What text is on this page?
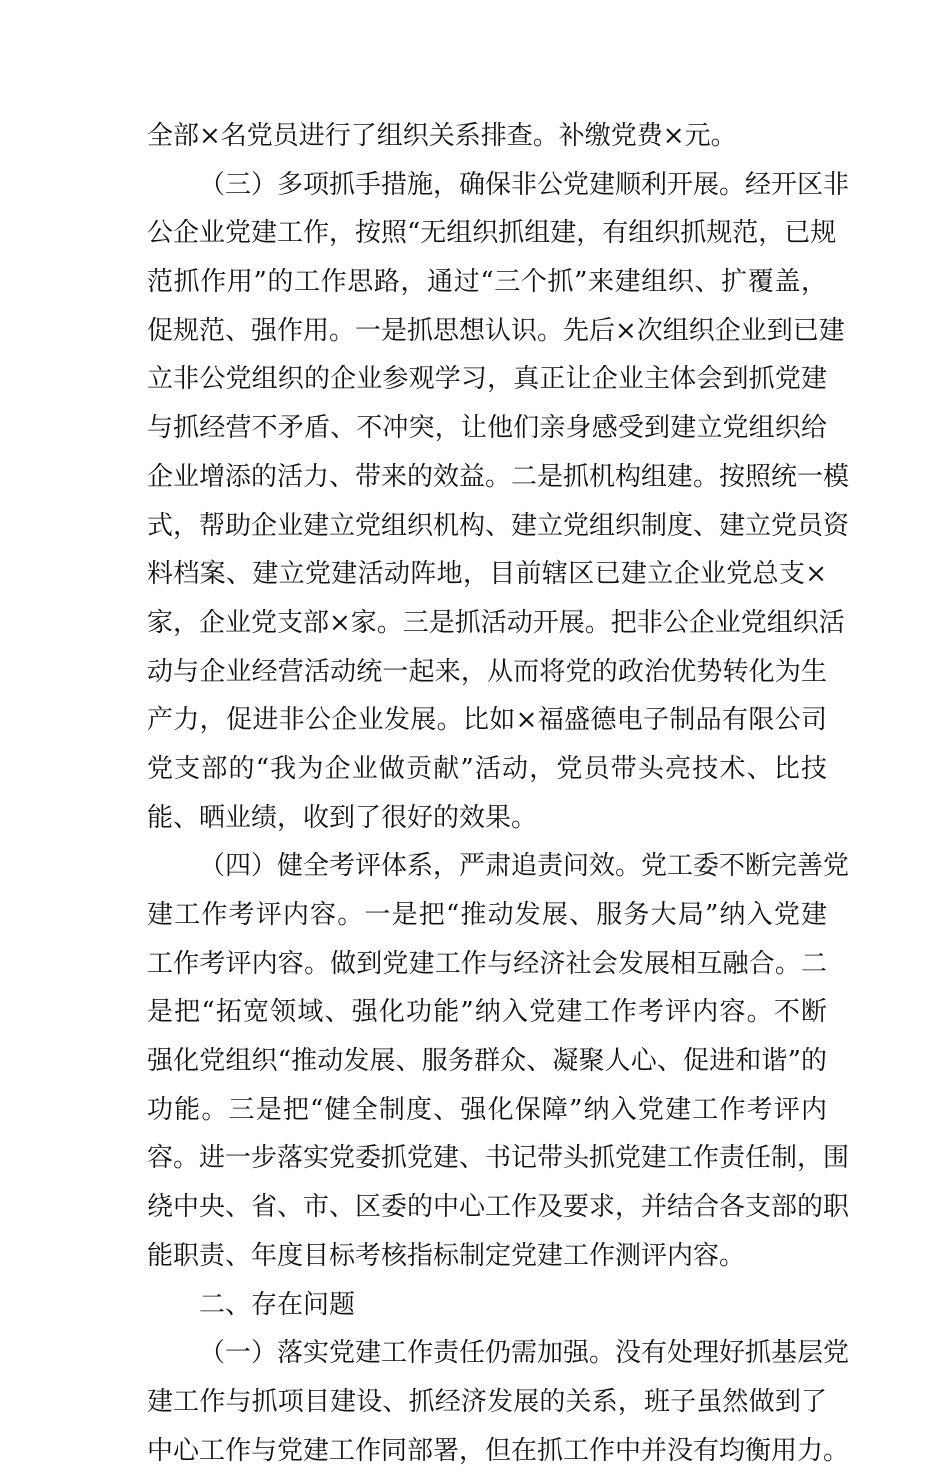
全部×名党员进行了组织关系排查。补缴党费×元。
（三）多项抓手措施，确保非公党建顺利开展。经开区非
公企业党建工作，按照“无组织抓组建，有组织抓规范，已规
范抓作用”的工作思路，通过“三个抓”来建组织、扩覆盖，
促规范、强作用。一是抓思想认识。先后×次组织企业到已建
立非公党组织的企业参观学习，真正让企业主体会到抓党建
与抓经营不矛盾、不冲突，让他们亲身感受到建立党组织给
企业增添的活力、带来的效益。二是抓机构组建。按照统一模
式，帮助企业建立党组织机构、建立党组织制度、建立党员资
料档案、建立党建活动阵地，目前辖区已建立企业党总支×
家，企业党支部×家。三是抓活动开展。把非公企业党组织活
动与企业经营活动统一起来，从而将党的政治优势转化为生
产力，促进非公企业发展。比如×福盛德电子制品有限公司
党支部的“我为企业做贡献”活动，党员带头亮技术、比技
能、晒业绩，收到了很好的效果。
（四）健全考评体系，严肃追责问效。党工委不断完善党
建工作考评内容。一是把“推动发展、服务大局”纳入党建
工作考评内容。做到党建工作与经济社会发展相互融合。二
是把“拓宽领域、强化功能”纳入党建工作考评内容。不断
强化党组织“推动发展、服务群众、凝聚人心、促进和谐”的
功能。三是把“健全制度、强化保障”纳入党建工作考评内
容。进一步落实党委抓党建、书记带头抓党建工作责任制，围
绕中央、省、市、区委的中心工作及要求，并结合各支部的职
能职责、年度目标考核指标制定党建工作测评内容。
二、存在问题
（一）落实党建工作责任仍需加强。没有处理好抓基层党
建工作与抓项目建设、抓经济发展的关系，班子虽然做到了
中心工作与党建工作同部署，但在抓工作中并没有均衡用力。
